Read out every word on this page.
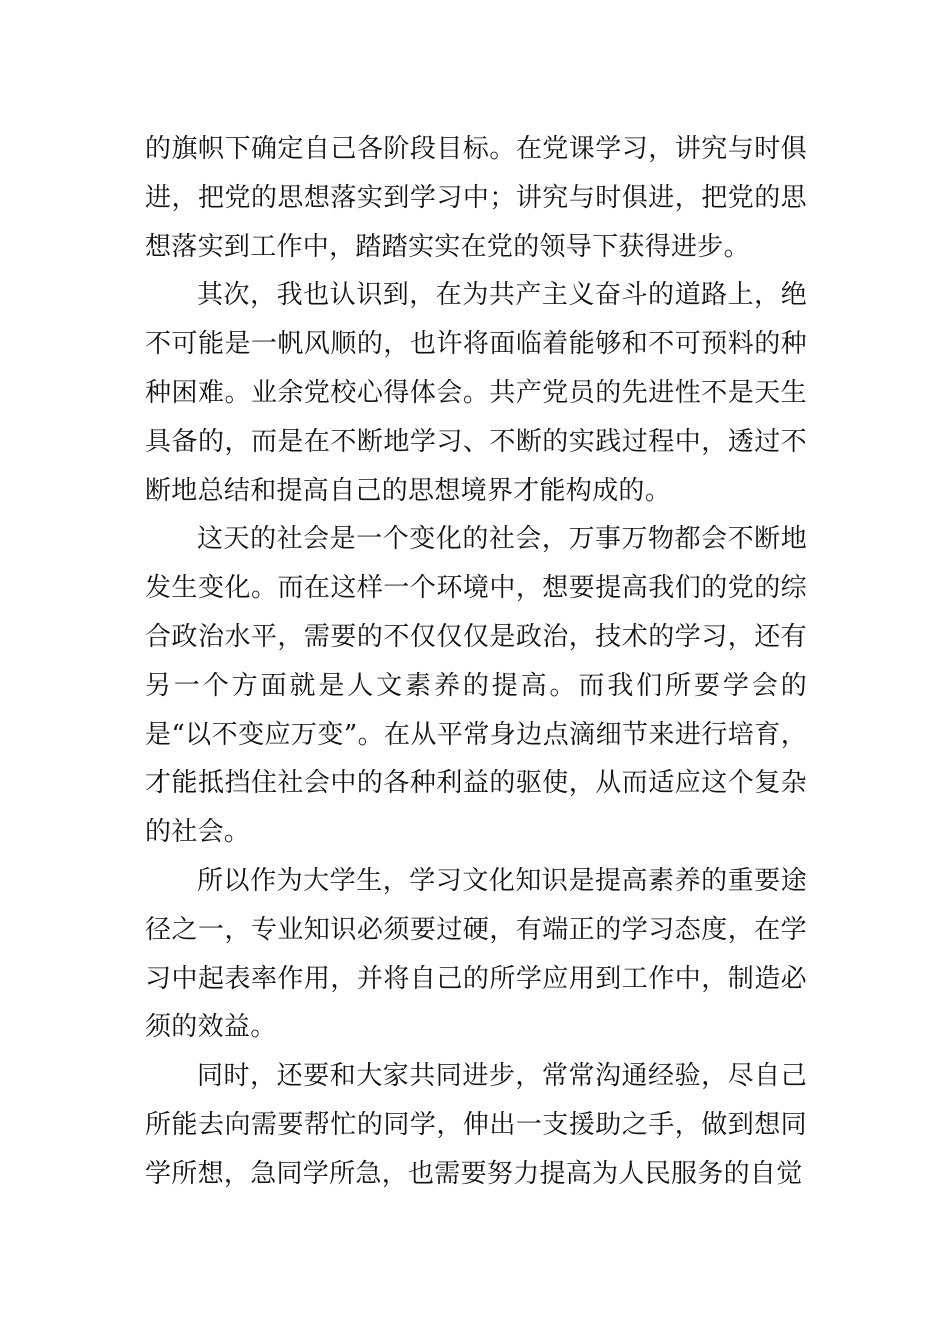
的旗帜下确定自己各阶段目标。在党课学习，讲究与时俱进，把党的思想落实到学习中；讲究与时俱进，把党的思想落实到工作中，踏踏实实在党的领导下获得进步。

其次，我也认识到，在为共产主义奋斗的道路上，绝不可能是一帆风顺的，也许将面临着能够和不可预料的种种困难。业余党校心得体会。共产党员的先进性不是天生具备的，而是在不断地学习、不断的实践过程中，透过不断地总结和提高自己的思想境界才能构成的。

这天的社会是一个变化的社会，万事万物都会不断地发生变化。而在这样一个环境中，想要提高我们的党的综合政治水平，需要的不仅仅仅是政治，技术的学习，还有另一个方面就是人文素养的提高。而我们所要学会的是“以不变应万变”。在从平常身边点滴细节来进行培育，才能抵挡住社会中的各种利益的驱使，从而适应这个复杂的社会。

所以作为大学生，学习文化知识是提高素养的重要途径之一，专业知识必须要过硬，有端正的学习态度，在学习中起表率作用，并将自己的所学应用到工作中，制造必须的效益。

同时，还要和大家共同进步，常常沟通经验，尽自己所能去向需要帮忙的同学，伸出一支援助之手，做到想同学所想，急同学所急，也需要努力提高为人民服务的自觉
